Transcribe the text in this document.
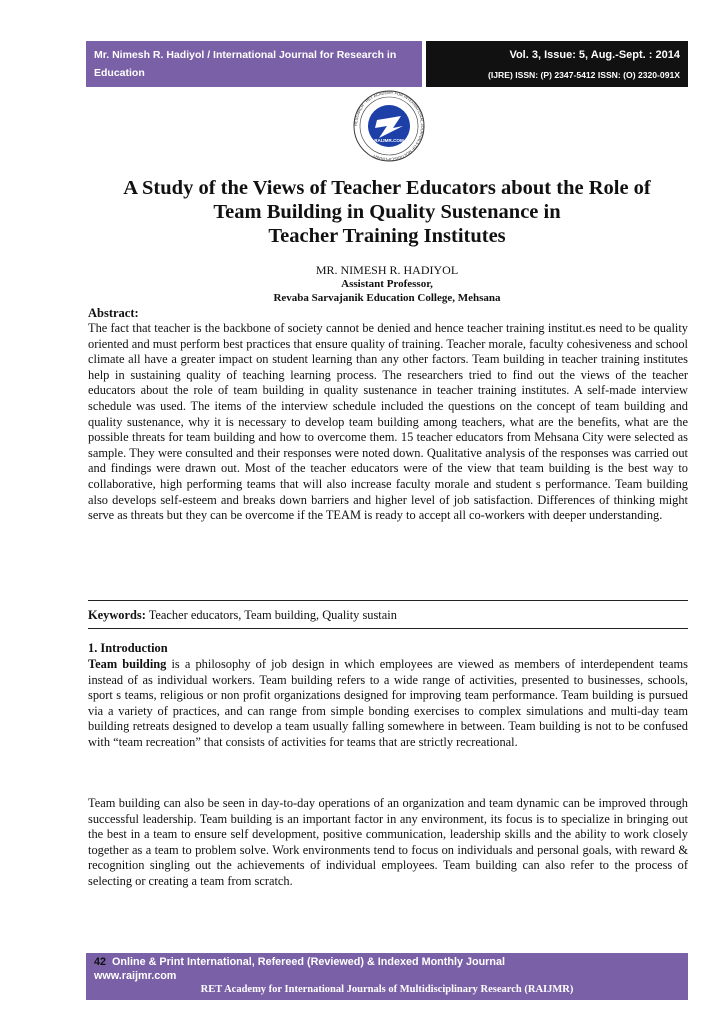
Mr. Nimesh R. Hadiyol / International Journal for Research in
Education
Vol. 3, Issue: 5, Aug.-Sept. : 2014
(IJRE) ISSN: (P) 2347-5412 ISSN: (O) 2320-091X
RESEARCH · RET ACADEMY FOR INTERNATIONAL JOURNALS OF MULTIDISCIPLINARY
RAIJMR.COM
A Study of the Views of Teacher Educators about the Role of
Team Building in Quality Sustenance in
Teacher Training Institutes
MR. NIMESH R. HADIYOL
Assistant Professor,
Revaba Sarvajanik Education College, Mehsana
Abstract:

The fact that teacher is the backbone of society cannot be denied and hence teacher training institut.es need to be quality oriented and must perform best practices that ensure quality of training. Teacher morale, faculty cohesiveness and school climate all have a greater impact on student learning than any other factors. Team building in teacher training institutes help in sustaining quality of teaching learning process. The researchers tried to find out the views of the teacher educators about the role of team building in quality sustenance in teacher training institutes. A self-made interview schedule was used. The items of the interview schedule included the questions on the concept of team building and quality sustenance, why it is necessary to develop team building among teachers, what are the benefits, what are the possible threats for team building and how to overcome them. 15 teacher educators from Mehsana City were selected as sample. They were consulted and their responses were noted down. Qualitative analysis of the responses was carried out and findings were drawn out. Most of the teacher educators were of the view that team building is the best way to collaborative, high performing teams that will also increase faculty morale and student s performance. Team building also develops self-esteem and breaks down barriers and higher level of job satisfaction. Differences of thinking might serve as threats but they can be overcome if the TEAM is ready to accept all co-workers with deeper understanding.

Keywords: Teacher educators, Team building, Quality sustain
1. Introduction

Team building is a philosophy of job design in which employees are viewed as members of interdependent teams instead of as individual workers. Team building refers to a wide range of activities, presented to businesses, schools, sport s teams, religious or non profit organizations designed for improving team performance. Team building is pursued via a variety of practices, and can range from simple bonding exercises to complex simulations and multi-day team building retreats designed to develop a team usually falling somewhere in between. Team building is not to be confused with “team recreation” that consists of activities for teams that are strictly recreational.

Team building can also be seen in day-to-day operations of an organization and team dynamic can be improved through successful leadership. Team building is an important factor in any environment, its focus is to specialize in bringing out the best in a team to ensure self development, positive communication, leadership skills and the ability to work closely together as a team to problem solve. Work environments tend to focus on individuals and personal goals, with reward & recognition singling out the achievements of individual employees. Team building can also refer to the process of selecting or creating a team from scratch.

42 Online & Print International, Refereed (Reviewed) & Indexed Monthly Journal
www.raijmr.com
RET Academy for International Journals of Multidisciplinary Research (RAIJMR)
